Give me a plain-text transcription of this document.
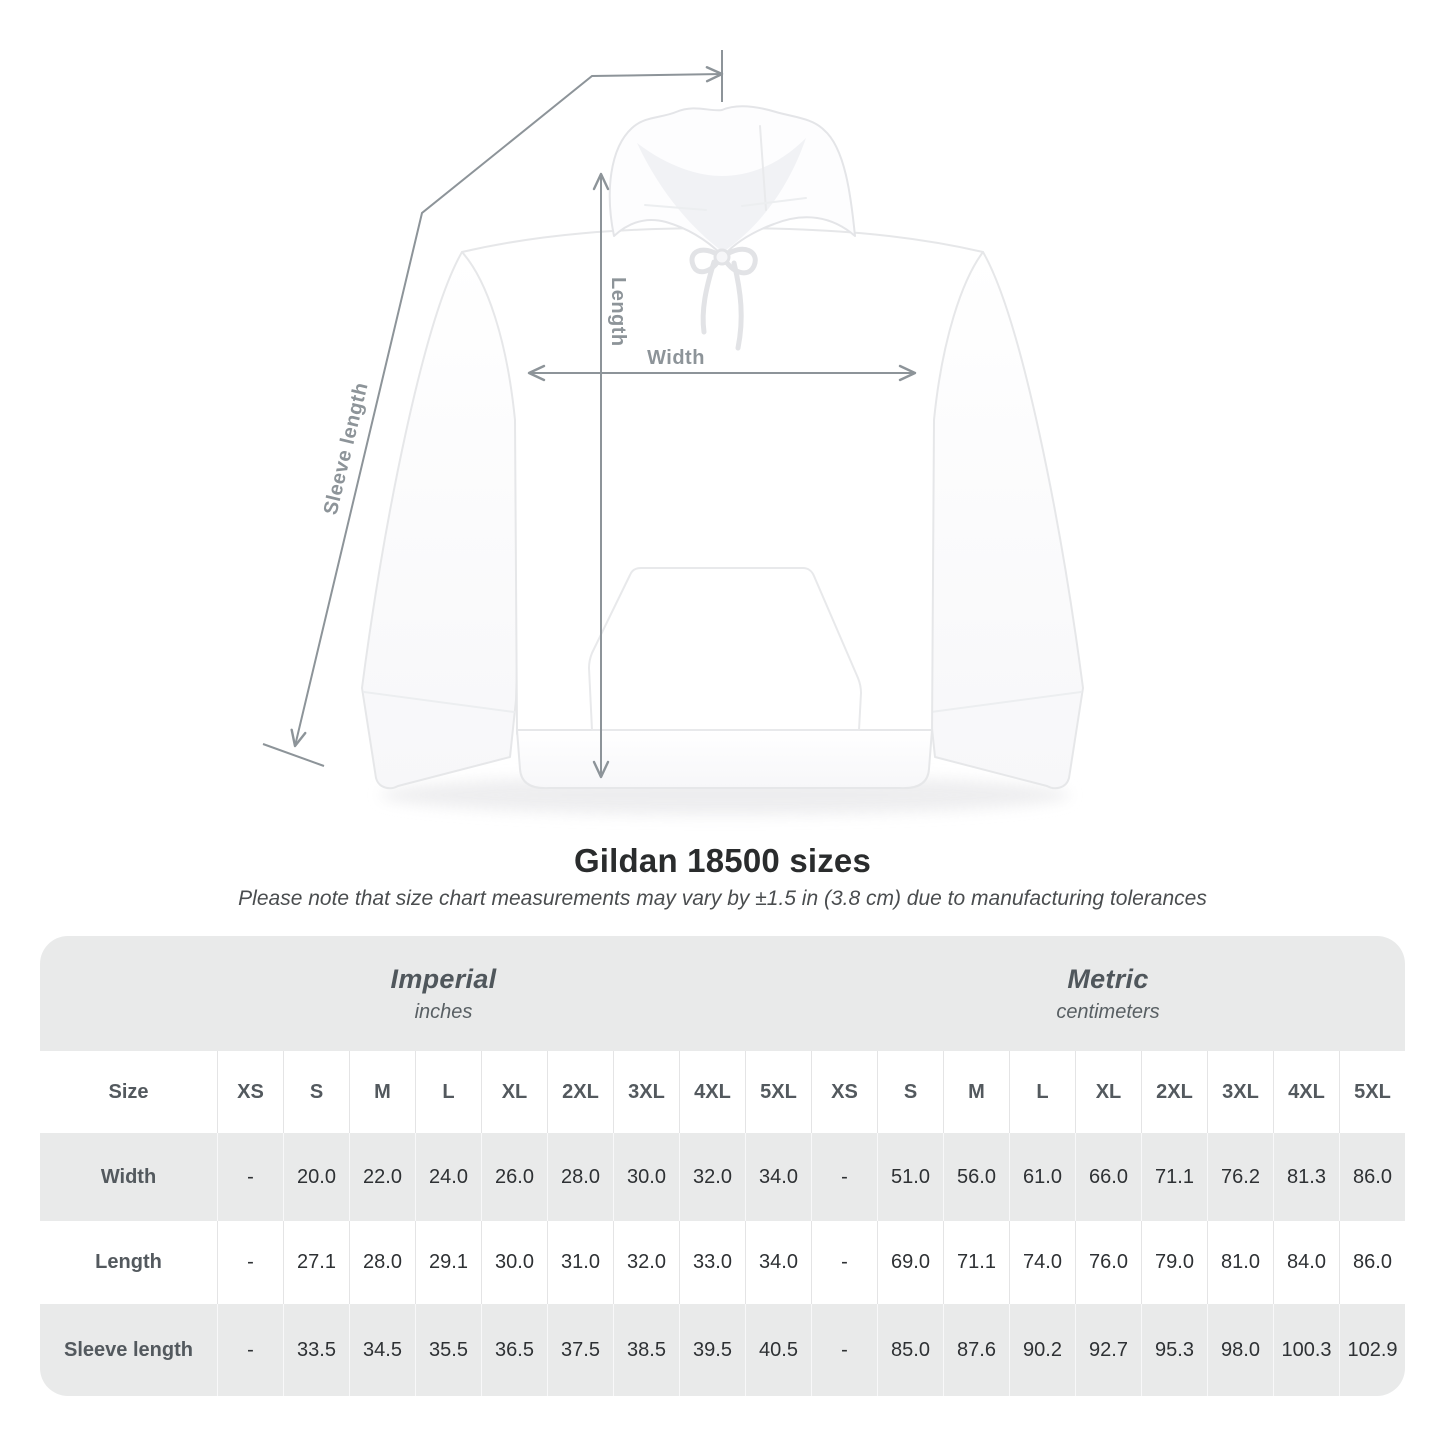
Width
Length
Sleeve length
Gildan 18500 sizes

Please note that size chart measurements may vary by ±1.5 in (3.8 cm) due to manufacturing tolerances

Imperial
inches
Metric
centimeters
Size	XS	S	M	L	XL	2XL	3XL	4XL	5XL	XS	S	M	L	XL	2XL	3XL	4XL	5XL
Width	-	20.0	22.0	24.0	26.0	28.0	30.0	32.0	34.0	-	51.0	56.0	61.0	66.0	71.1	76.2	81.3	86.0
Length	-	27.1	28.0	29.1	30.0	31.0	32.0	33.0	34.0	-	69.0	71.1	74.0	76.0	79.0	81.0	84.0	86.0
Sleeve length	-	33.5	34.5	35.5	36.5	37.5	38.5	39.5	40.5	-	85.0	87.6	90.2	92.7	95.3	98.0	100.3 102.9
